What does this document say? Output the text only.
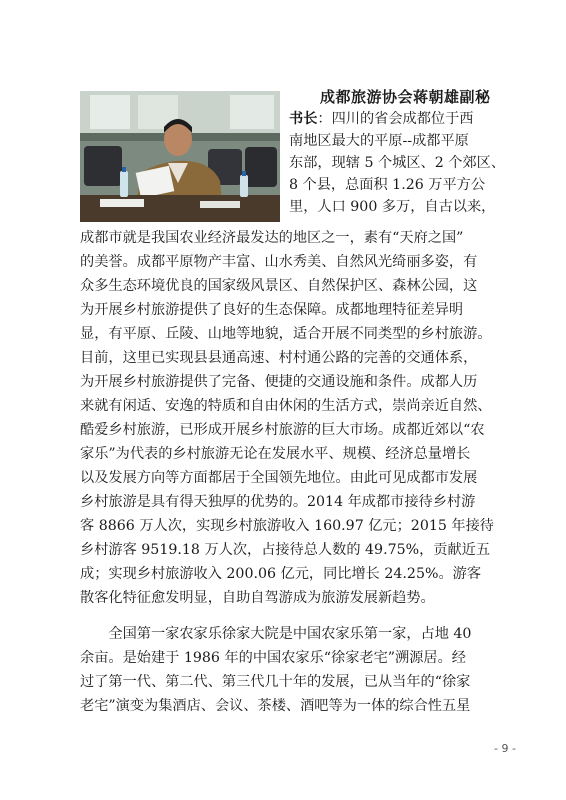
成都旅游协会蒋朝雄副秘
书长：四川的省会成都位于西
南地区最大的平原--成都平原
东部，现辖 5 个城区、2 个郊区、
8 个县，总面积 1.26 万平方公
里，人口 900 多万，自古以来，
成都市就是我国农业经济最发达的地区之一，素有“天府之国”
的美誉。成都平原物产丰富、山水秀美、自然风光绮丽多姿，有
众多生态环境优良的国家级风景区、自然保护区、森林公园，这
为开展乡村旅游提供了良好的生态保障。成都地理特征差异明
显，有平原、丘陵、山地等地貌，适合开展不同类型的乡村旅游。
目前，这里已实现县县通高速、村村通公路的完善的交通体系，
为开展乡村旅游提供了完备、便捷的交通设施和条件。成都人历
来就有闲适、安逸的特质和自由休闲的生活方式，崇尚亲近自然、
酷爱乡村旅游，已形成开展乡村旅游的巨大市场。成都近郊以“农
家乐”为代表的乡村旅游无论在发展水平、规模、经济总量增长
以及发展方向等方面都居于全国领先地位。由此可见成都市发展
乡村旅游是具有得天独厚的优势的。2014 年成都市接待乡村游
客 8866 万人次，实现乡村旅游收入 160.97 亿元；2015 年接待
乡村游客 9519.18 万人次，占接待总人数的 49.75%，贡献近五
成；实现乡村旅游收入 200.06 亿元，同比增长 24.25%。游客
散客化特征愈发明显，自助自驾游成为旅游发展新趋势。
　　全国第一家农家乐徐家大院是中国农家乐第一家，占地 40
余亩。是始建于 1986 年的中国农家乐“徐家老宅”溯源居。经
过了第一代、第二代、第三代几十年的发展，已从当年的“徐家
老宅”演变为集酒店、会议、茶楼、酒吧等为一体的综合性五星
- 9 -
